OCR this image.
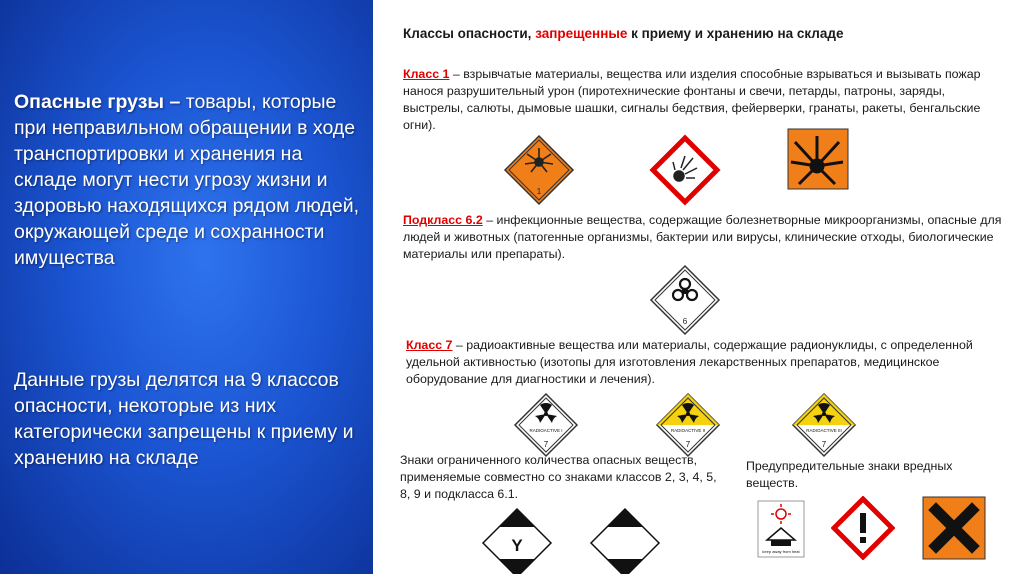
Опасные грузы – товары, которые при неправильном обращении в ходе транспортировки и хранения на складе могут нести угрозу жизни и здоровью находящихся рядом людей, окружающей среде и сохранности имущества

Данные грузы делятся на 9 классов опасности, некоторые из них категорически запрещены к приему и хранению на складе

Классы опасности, запрещенные к приему и хранению на складе

Класс 1 – взрывчатые материалы, вещества или изделия способные взрываться и вызывать пожар нанося разрушительный урон (пиротехнические фонтаны и свечи, петарды, патроны, заряды, выстрелы, салюты, дымовые шашки, сигналы бедствия, фейерверки, гранаты, ракеты, бенгальские огни).

1

Подкласс 6.2 – инфекционные вещества, содержащие болезнетворные микроорганизмы, опасные для людей и животных (патогенные организмы, бактерии или вирусы, клинические отходы, биологические материалы или препараты).

6

Класс 7 – радиоактивные вещества или материалы, содержащие радионуклиды, с определенной удельной активностью (изотопы для изготовления лекарственных препаратов, медицинское оборудование для диагностики и лечения).

RADIOACTIVE I
7
RADIOACTIVE II
7
RADIOACTIVE III
7

Знаки ограниченного количества опасных веществ, применяемые совместно со знаками классов 2, 3, 4, 5, 8, 9 и подкласса 6.1.

Предупредительные знаки вредных веществ.

Y	keep away from heat
